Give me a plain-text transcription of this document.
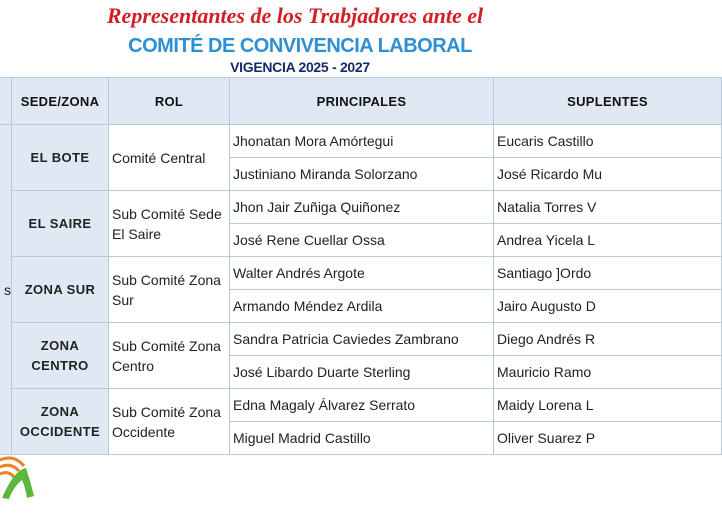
Representantes de los Trabjadores ante el
COMITÉ DE CONVIVENCIA LABORAL
VIGENCIA 2025 - 2027
	SEDE/ZONA	ROL	PRINCIPALES	SUPLENTES
s	EL BOTE	Comité Central	Jhonatan Mora Amórtegui	Eucaris Castillo
			Justiniano Miranda Solorzano	José Ricardo Mu
	EL SAIRE	Sub Comité Sede El Saire	Jhon Jair Zuñiga Quiñonez	Natalia Torres V
			José Rene Cuellar Ossa	Andrea Yicela L
	ZONA SUR	Sub Comité Zona Sur	Walter Andrés Argote	Santiago ]Ordo
			Armando Méndez Ardila	Jairo Augusto D
	ZONA CENTRO	Sub Comité Zona Centro	Sandra Patricia Caviedes Zambrano	Diego Andrés R
			José Libardo Duarte Sterling	Mauricio Ramo
	ZONA OCCIDENTE	Sub Comité Zona Occidente	Edna Magaly Álvarez Serrato	Maidy Lorena L
			Miguel Madrid Castillo	Oliver Suarez P
